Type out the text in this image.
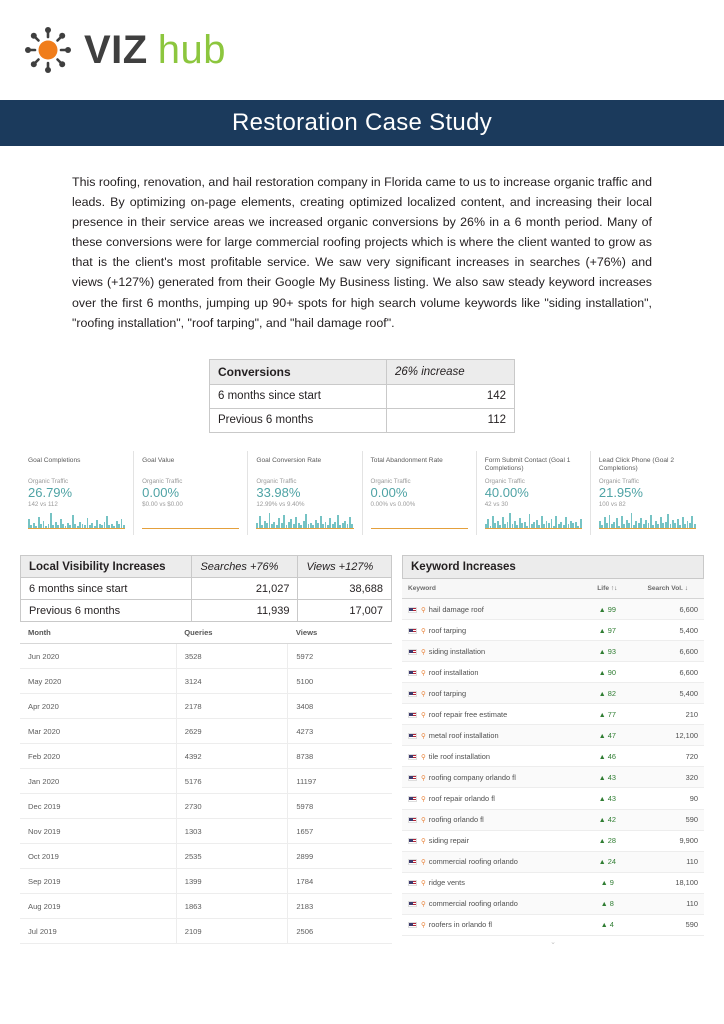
VIZ hub
Restoration Case Study

This roofing, renovation, and hail restoration company in Florida came to us to increase organic traffic and leads. By optimizing on-page elements, creating optimized localized content, and increasing their local presence in their service areas we increased organic conversions by 26% in a 6 month period. Many of these conversions were for large commercial roofing projects which is where the client wanted to grow as that is the client's most profitable service. We saw very significant increases in searches (+76%) and views (+127%) generated from their Google My Business listing. We also saw steady keyword increases over the first 6 months, jumping up 90+ spots for high search volume keywords like "siding installation", "roofing installation", "roof tarping", and "hail damage roof".

Conversions	26% increase
6 months since start	142
Previous 6 months	112
Goal Completions
Organic Traffic
26.79%
142 vs 112
Goal Value
Organic Traffic
0.00%
$0.00 vs $0.00
Goal Conversion Rate
Organic Traffic
33.98%
12.99% vs 9.40%
Total Abandonment Rate
Organic Traffic
0.00%
0.00% vs 0.00%
Form Submit Contact (Goal 1 Completions)
Organic Traffic
40.00%
42 vs 30
Lead Click Phone (Goal 2 Completions)
Organic Traffic
21.95%
100 vs 82
Local Visibility Increases	Searches +76%	Views +127%
6 months since start	21,027	38,688
Previous 6 months	11,939	17,007
Month	Queries	Views
Jun 2020	3528	5972
May 2020	3124	5100
Apr 2020	2178	3408
Mar 2020	2629	4273
Feb 2020	4392	8738
Jan 2020	5176	11197
Dec 2019	2730	5978
Nov 2019	1303	1657
Oct 2019	2535	2899
Sep 2019	1399	1784
Aug 2019	1863	2183
Jul 2019	2109	2506
Keyword Increases
Keyword	Life ↑↓	Search Vol. ↓
⚲ hail damage roof	▲ 99	6,600
⚲ roof tarping	▲ 97	5,400
⚲ siding installation	▲ 93	6,600
⚲ roof installation	▲ 90	6,600
⚲ roof tarping	▲ 82	5,400
⚲ roof repair free estimate	▲ 77	210
⚲ metal roof installation	▲ 47	12,100
⚲ tile roof installation	▲ 46	720
⚲ roofing company orlando fl	▲ 43	320
⚲ roof repair orlando fl	▲ 43	90
⚲ roofing orlando fl	▲ 42	590
⚲ siding repair	▲ 28	9,900
⚲ commercial roofing orlando	▲ 24	110
⚲ ridge vents	▲ 9	18,100
⚲ commercial roofing orlando	▲ 8	110
⚲ roofers in orlando fl	▲ 4	590
⌄
